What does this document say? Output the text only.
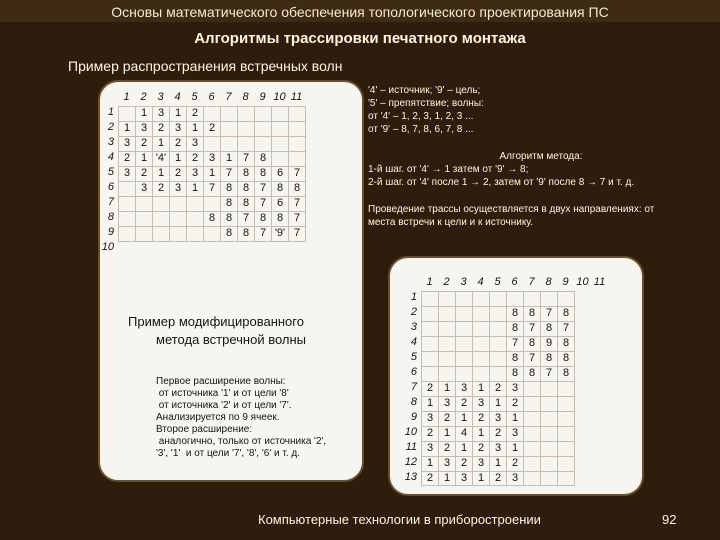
Основы математического обеспечения топологического проектирования ПС
Алгоритмы трассировки печатного монтажа
Пример распространения встречных волн
1 2 3 4 5 6 7 8 9 10 11
1
2
3
4
5
6
7
8
9
10
1 3 1 2
1 3 2 3 1 2
3 2 1 2 3
2 1 '4' 1 2 3 1 7 8
3 2 1 2 3 1 7 8 8 6 7
3 2 3 1 7 8 8 7 8 8
8 8 7 6 7
8 8 7 8 8 7
8 8 7 '9' 7
Пример модифицированного
метода встречной волны
Первое расширение волны:
от источника '1' и от цели '8'
от источника '2' и от цели '7'.
Анализируется по 9 ячеек.
Второе расширение:
аналогично, только от источника '2',
'3', '1'  и от цели '7', '8', '6' и т. д.
'4' – источник; '9' – цель;
'5' – препятствие; волны:
от '4' – 1, 2, 3, 1, 2, 3 ...
от '9' – 8, 7, 8, 6, 7, 8 ...
Алгоритм метода:
1-й шаг. от '4' → 1 затем от '9' → 8;
2-й шаг. от '4' после 1 → 2, затем от '9' после 8 → 7 и т. д.
Проведение трассы осуществляется в двух направлениях: от
места встречи к цели и к источнику.
1 2 3 4 5 6 7 8 9 10 11
1
2
3
4
5
6
7
8
9
10
11
12
13
8 8 7 8
8 7 8 7
7 8 9 8
8 7 8 8
8 8 7 8
2 1 3 1 2 3
1 3 2 3 1 2
3 2 1 2 3 1
2 1 4 1 2 3
3 2 1 2 3 1
1 3 2 3 1 2
2 1 3 1 2 3
Компьютерные технологии в приборостроении	92
